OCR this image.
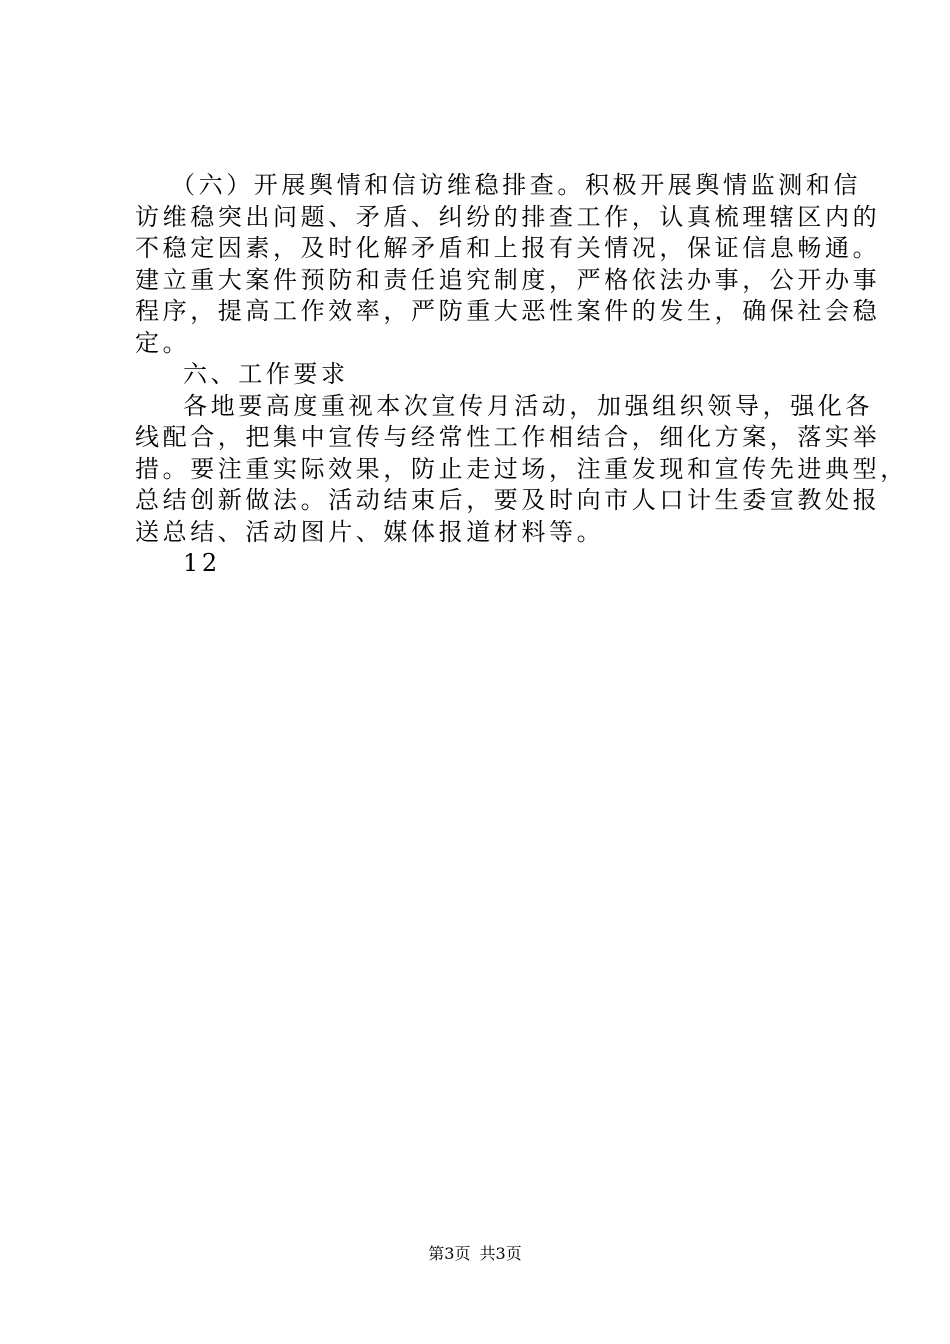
（六）开展舆情和信访维稳排查。积极开展舆情监测和信
访维稳突出问题、矛盾、纠纷的排查工作，认真梳理辖区内的
不稳定因素，及时化解矛盾和上报有关情况，保证信息畅通。
建立重大案件预防和责任追究制度，严格依法办事，公开办事
程序，提高工作效率，严防重大恶性案件的发生，确保社会稳
定。
六、工作要求
各地要高度重视本次宣传月活动，加强组织领导，强化各
线配合，把集中宣传与经常性工作相结合，细化方案，落实举
措。要注重实际效果，防止走过场，注重发现和宣传先进典型，
总结创新做法。活动结束后，要及时向市人口计生委宣教处报
送总结、活动图片、媒体报道材料等。
12
第3页 共3页
